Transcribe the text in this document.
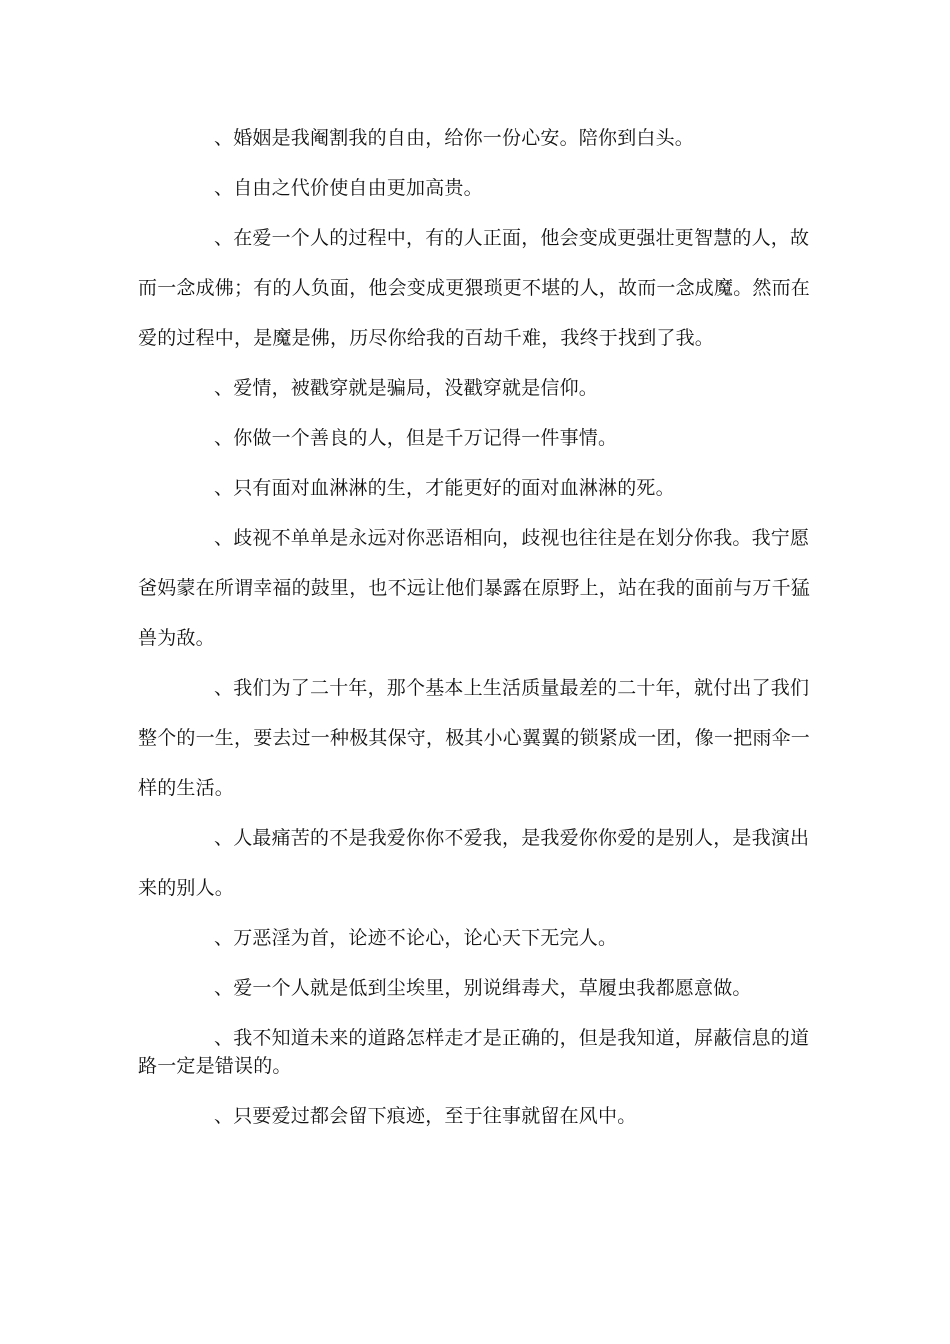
、婚姻是我阉割我的自由，给你一份心安。陪你到白头。

、自由之代价使自由更加高贵。

、在爱一个人的过程中，有的人正面，他会变成更强壮更智慧的人，故而一念成佛；有的人负面，他会变成更猥琐更不堪的人，故而一念成魔。然而在爱的过程中，是魔是佛，历尽你给我的百劫千难，我终于找到了我。

、爱情，被戳穿就是骗局，没戳穿就是信仰。

、你做一个善良的人，但是千万记得一件事情。

、只有面对血淋淋的生，才能更好的面对血淋淋的死。

、歧视不单单是永远对你恶语相向，歧视也往往是在划分你我。我宁愿爸妈蒙在所谓幸福的鼓里，也不远让他们暴露在原野上，站在我的面前与万千猛兽为敌。

、我们为了二十年，那个基本上生活质量最差的二十年，就付出了我们整个的一生，要去过一种极其保守，极其小心翼翼的锁紧成一团，像一把雨伞一样的生活。

、人最痛苦的不是我爱你你不爱我，是我爱你你爱的是别人，是我演出来的别人。

、万恶淫为首，论迹不论心，论心天下无完人。

、爱一个人就是低到尘埃里，别说缉毒犬，草履虫我都愿意做。

、我不知道未来的道路怎样走才是正确的，但是我知道，屏蔽信息的道路一定是错误的。

、只要爱过都会留下痕迹，至于往事就留在风中。
